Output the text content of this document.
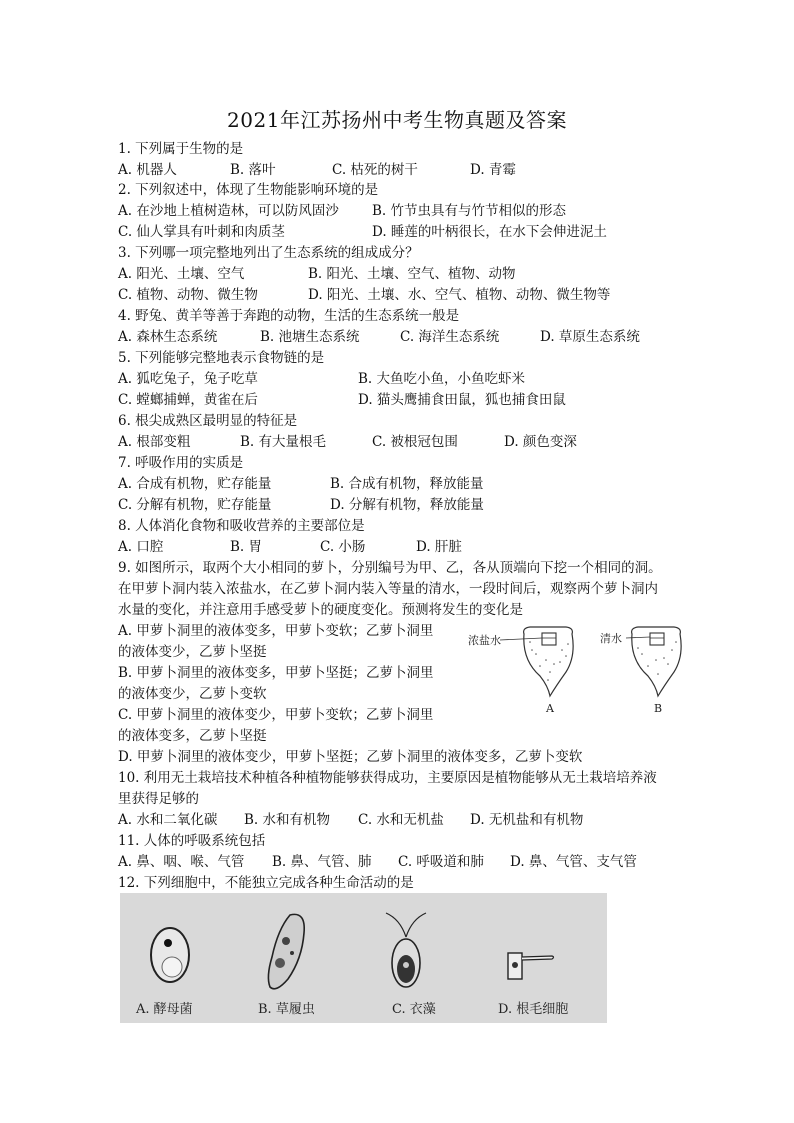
2021年江苏扬州中考生物真题及答案
1. 下列属于生物的是
A. 机器人	B. 落叶	C. 枯死的树干	D. 青霉
2. 下列叙述中，体现了生物能影响环境的是
A. 在沙地上植树造林，可以防风固沙 B. 竹节虫具有与竹节相似的形态
C. 仙人掌具有叶刺和肉质茎	D. 睡莲的叶柄很长，在水下会伸进泥土
3. 下列哪一项完整地列出了生态系统的组成成分？
A. 阳光、土壤、空气	B. 阳光、土壤、空气、植物、动物
C. 植物、动物、微生物	D. 阳光、土壤、水、空气、植物、动物、微生物等
4. 野兔、黄羊等善于奔跑的动物，生活的生态系统一般是
A. 森林生态系统	B. 池塘生态系统	C. 海洋生态系统	D. 草原生态系统
5. 下列能够完整地表示食物链的是
A. 狐吃兔子，兔子吃草	B. 大鱼吃小鱼，小鱼吃虾米
C. 螳螂捕蝉，黄雀在后	D. 猫头鹰捕食田鼠，狐也捕食田鼠
6. 根尖成熟区最明显的特征是
A. 根部变粗	B. 有大量根毛	C. 被根冠包围	D. 颜色变深
7. 呼吸作用的实质是
A. 合成有机物，贮存能量	B. 合成有机物，释放能量
C. 分解有机物，贮存能量	D. 分解有机物，释放能量
8. 人体消化食物和吸收营养的主要部位是
A. 口腔	B. 胃	C. 小肠	D. 肝脏
9. 如图所示，取两个大小相同的萝卜，分别编号为甲、乙，各从顶端向下挖一个相同的洞。
在甲萝卜洞内装入浓盐水，在乙萝卜洞内装入等量的清水，一段时间后，观察两个萝卜洞内
水量的变化，并注意用手感受萝卜的硬度变化。预测将发生的变化是
A. 甲萝卜洞里的液体变多，甲萝卜变软；乙萝卜洞里
的液体变少，乙萝卜坚挺
B. 甲萝卜洞里的液体变多，甲萝卜坚挺；乙萝卜洞里
的液体变少，乙萝卜变软
C. 甲萝卜洞里的液体变少，甲萝卜变软；乙萝卜洞里
的液体变多，乙萝卜坚挺
D. 甲萝卜洞里的液体变少，甲萝卜坚挺；乙萝卜洞里的液体变多，乙萝卜变软
浓盐水
A
清水
B
10. 利用无土栽培技术种植各种植物能够获得成功，主要原因是植物能够从无土栽培培养液
里获得足够的
A. 水和二氧化碳 B. 水和有机物 C. 水和无机盐 D. 无机盐和有机物
11. 人体的呼吸系统包括
A. 鼻、咽、喉、气管 B. 鼻、气管、肺 C. 呼吸道和肺 D. 鼻、气管、支气管
12. 下列细胞中，不能独立完成各种生命活动的是
A. 酵母菌	B. 草履虫	C. 衣藻	D. 根毛细胞
